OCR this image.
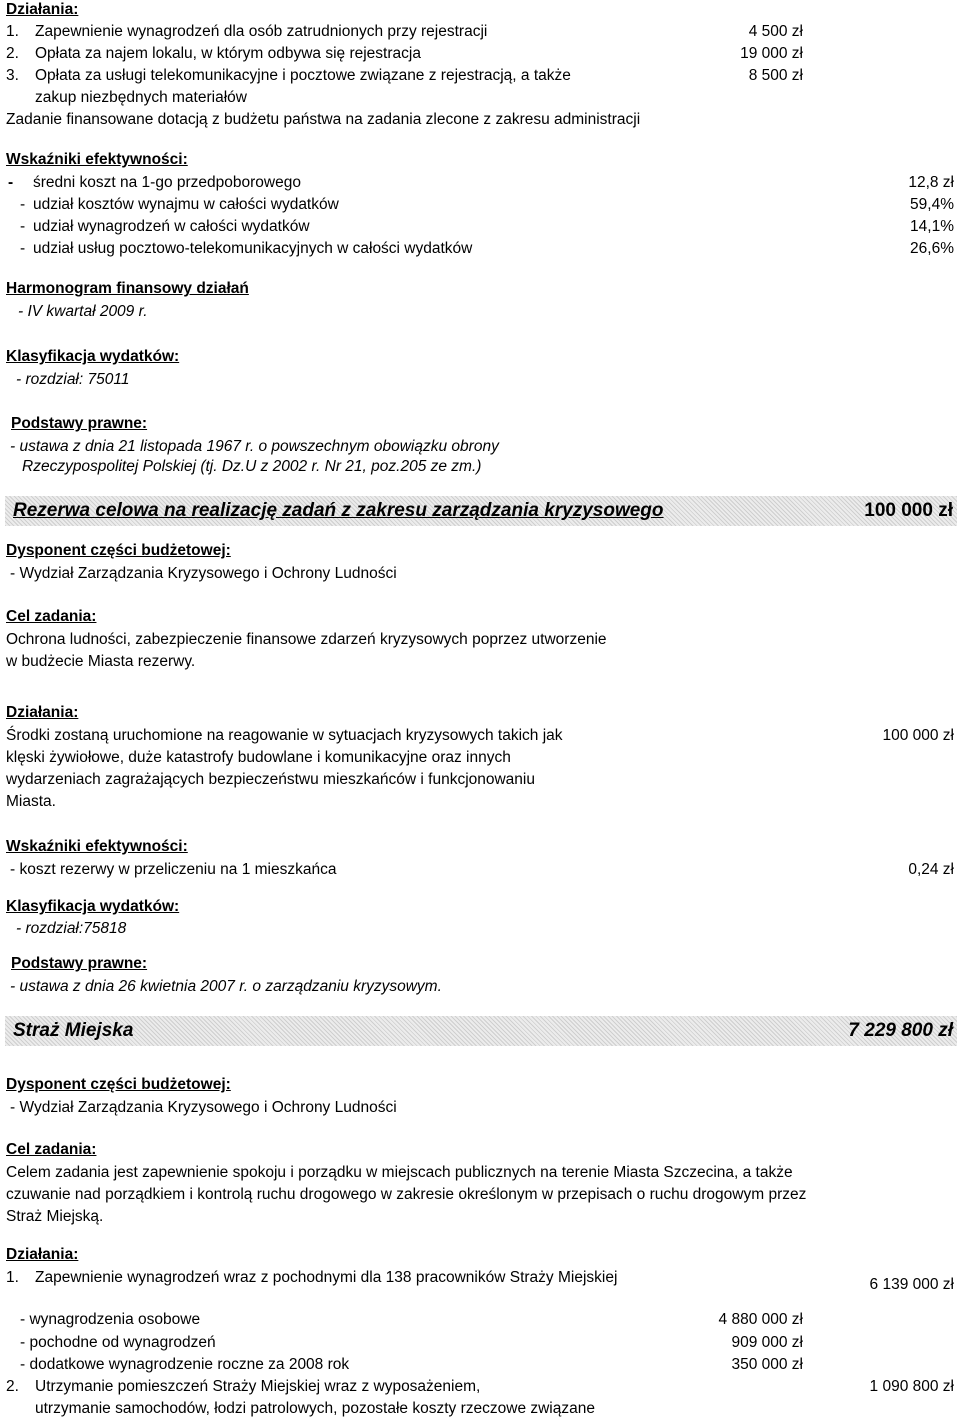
Działania:
1. Zapewnienie wynagrodzeń dla osób zatrudnionych przy rejestracji	4 500 zł
2. Opłata za najem lokalu, w którym odbywa się rejestracja	19 000 zł
3. Opłata za usługi telekomunikacyjne i pocztowe związane z rejestracją, a także	8 500 zł
zakup niezbędnych materiałów
Zadanie finansowane dotacją z budżetu państwa na zadania zlecone z zakresu administracji
Wskaźniki efektywności:
- średni koszt na 1-go przedpoborowego	12,8 zł
- udział kosztów wynajmu w całości wydatków	59,4%
- udział wynagrodzeń w całości wydatków	14,1%
- udział usług pocztowo-telekomunikacyjnych w całości wydatków	26,6%
Harmonogram finansowy działań
- IV kwartał 2009 r.
Klasyfikacja wydatków:
- rozdział: 75011
Podstawy prawne:
- ustawa z dnia 21 listopada 1967 r. o powszechnym obowiązku obrony
Rzeczypospolitej Polskiej (tj. Dz.U z 2002 r. Nr 21, poz.205 ze zm.)
Rezerwa celowa na realizację zadań z zakresu zarządzania kryzysowego	100 000 zł
Dysponent części budżetowej:
- Wydział Zarządzania Kryzysowego i Ochrony Ludności
Cel zadania:
Ochrona ludności, zabezpieczenie finansowe zdarzeń kryzysowych poprzez utworzenie
w budżecie Miasta rezerwy.
Działania:
Środki zostaną uruchomione na reagowanie w sytuacjach kryzysowych takich jak	100 000 zł
klęski żywiołowe, duże katastrofy budowlane i komunikacyjne oraz innych
wydarzeniach zagrażających bezpieczeństwu mieszkańców i funkcjonowaniu
Miasta.
Wskaźniki efektywności:
- koszt rezerwy w przeliczeniu na 1 mieszkańca	0,24 zł
Klasyfikacja wydatków:
- rozdział:75818
Podstawy prawne:
- ustawa z dnia 26 kwietnia 2007 r. o zarządzaniu kryzysowym.
Straż Miejska	7 229 800 zł
Dysponent części budżetowej:
- Wydział Zarządzania Kryzysowego i Ochrony Ludności
Cel zadania:
Celem zadania jest zapewnienie spokoju i porządku w miejscach publicznych na terenie Miasta Szczecina, a także
czuwanie nad porządkiem i kontrolą ruchu drogowego w zakresie określonym w przepisach o ruchu drogowym przez
Straż Miejską.
Działania:
1. Zapewnienie wynagrodzeń wraz z pochodnymi dla 138 pracowników Straży Miejskiej	6 139 000 zł
- wynagrodzenia osobowe	4 880 000 zł
- pochodne od wynagrodzeń	909 000 zł
- dodatkowe wynagrodzenie roczne za 2008 rok	350 000 zł
2. Utrzymanie pomieszczeń Straży Miejskiej wraz z wyposażeniem,	1 090 800 zł
utrzymanie samochodów, łodzi patrolowych, pozostałe koszty rzeczowe związane
